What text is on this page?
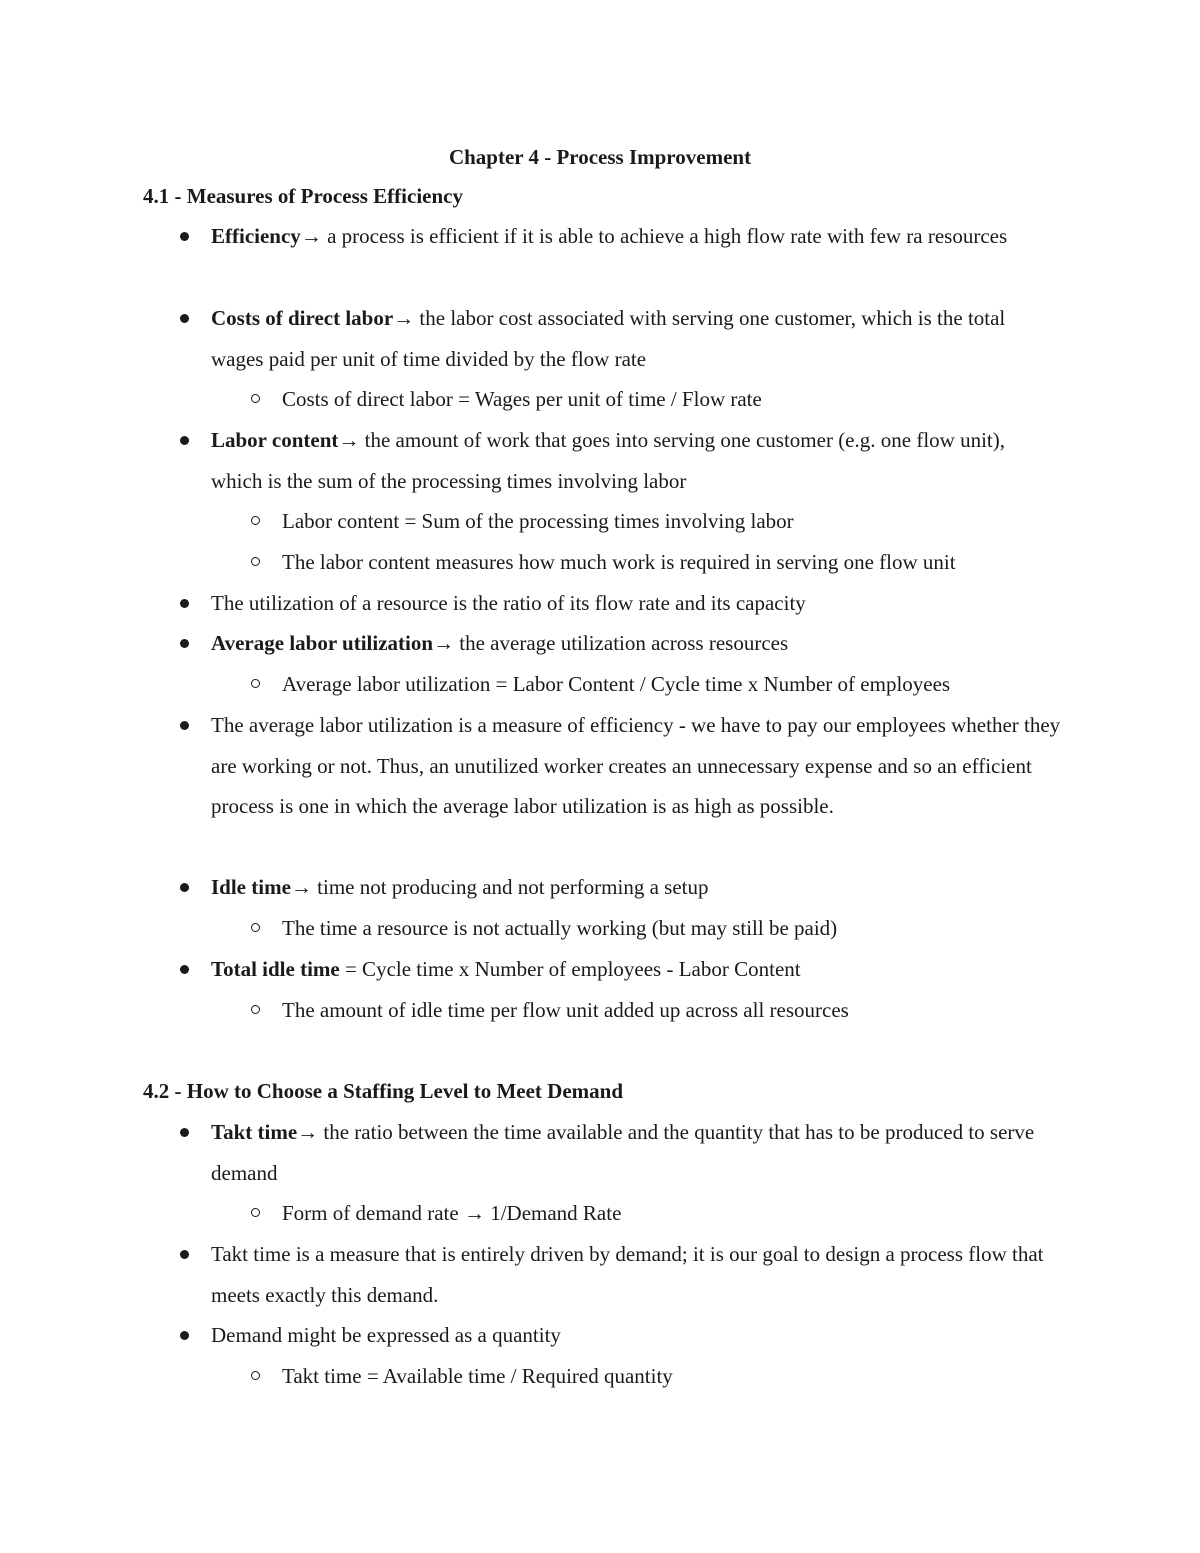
Chapter 4 - Process Improvement
4.1 - Measures of Process Efficiency
Efficiency→ a process is efficient if it is able to achieve a high flow rate with few ra resources
Costs of direct labor→ the labor cost associated with serving one customer, which is the total wages paid per unit of time divided by the flow rate
Costs of direct labor = Wages per unit of time / Flow rate
Labor content→ the amount of work that goes into serving one customer (e.g. one flow unit), which is the sum of the processing times involving labor
Labor content = Sum of the processing times involving labor
The labor content measures how much work is required in serving one flow unit
The utilization of a resource is the ratio of its flow rate and its capacity
Average labor utilization→ the average utilization across resources
Average labor utilization = Labor Content / Cycle time x Number of employees
The average labor utilization is a measure of efficiency - we have to pay our employees whether they are working or not. Thus, an unutilized worker creates an unnecessary expense and so an efficient process is one in which the average labor utilization is as high as possible.
Idle time→ time not producing and not performing a setup
The time a resource is not actually working (but may still be paid)
Total idle time = Cycle time x Number of employees - Labor Content
The amount of idle time per flow unit added up across all resources
4.2 - How to Choose a Staffing Level to Meet Demand
Takt time→ the ratio between the time available and the quantity that has to be produced to serve demand
Form of demand rate → 1/Demand Rate
Takt time is a measure that is entirely driven by demand; it is our goal to design a process flow that meets exactly this demand.
Demand might be expressed as a quantity
Takt time = Available time / Required quantity
